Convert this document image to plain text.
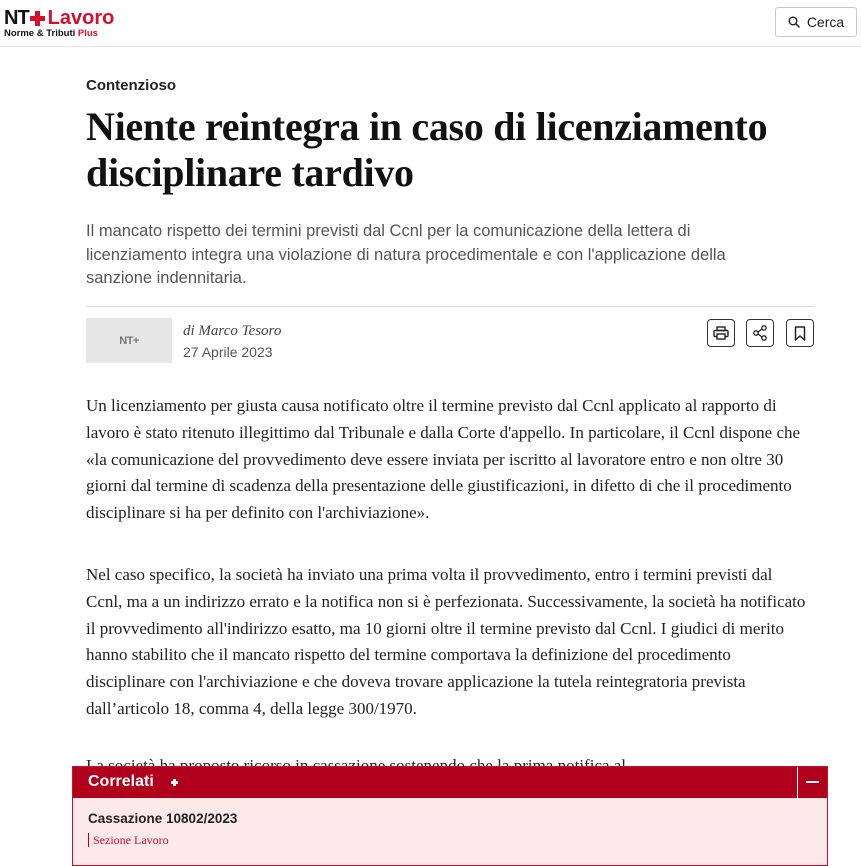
NT Lavoro
Norme & Tributi Plus
Cerca
Contenzioso
Niente reintegra in caso di licenziamento disciplinare tardivo

Il mancato rispetto dei termini previsti dal Ccnl per la comunicazione della lettera di licenziamento integra una violazione di natura procedimentale e con l'applicazione della sanzione indennitaria.

NT+
di Marco Tesoro
27 Aprile 2023

Un licenziamento per giusta causa notificato oltre il termine previsto dal Ccnl applicato al rapporto di lavoro è stato ritenuto illegittimo dal Tribunale e dalla Corte d'appello. In particolare, il Ccnl dispone che «la comunicazione del provvedimento deve essere inviata per iscritto al lavoratore entro e non oltre 30 giorni dal termine di scadenza della presentazione delle giustificazioni, in difetto di che il procedimento disciplinare si ha per definito con l'archiviazione».

Nel caso specifico, la società ha inviato una prima volta il provvedimento, entro i termini previsti dal Ccnl, ma a un indirizzo errato e la notifica non si è perfezionata. Successivamente, la società ha notificato il provvedimento all'indirizzo esatto, ma 10 giorni oltre il termine previsto dal Ccnl. I giudici di merito hanno stabilito che il mancato rispetto del termine comportava la definizione del procedimento disciplinare con l'archiviazione e che doveva trovare applicazione la tutela reintegratoria prevista dall’articolo 18, comma 4, della legge 300/1970.

Correlati
Cassazione 10802/2023
Sezione Lavoro
